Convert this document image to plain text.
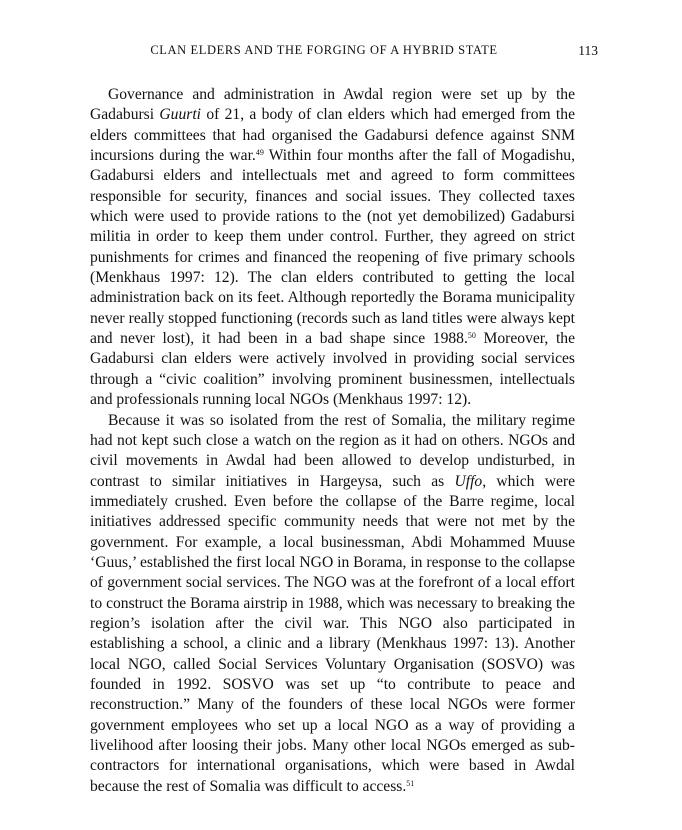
CLAN ELDERS AND THE FORGING OF A HYBRID STATE	113

Governance and administration in Awdal region were set up by the Gadabursi Guurti of 21, a body of clan elders which had emerged from the elders committees that had organised the Gadabursi defence against SNM incursions during the war.$^{49}$ Within four months after the fall of Mogadishu, Gadabursi elders and intellectuals met and agreed to form committees responsible for security, finances and social issues. They collected taxes which were used to provide rations to the (not yet demobilized) Gadabursi militia in order to keep them under control. Further, they agreed on strict punishments for crimes and financed the reopening of five primary schools (Menkhaus 1997: 12). The clan elders contributed to getting the local administration back on its feet. Although reportedly the Borama municipality never really stopped functioning (records such as land titles were always kept and never lost), it had been in a bad shape since 1988.50 Moreover, the Gadabursi clan elders were actively involved in providing social services through a “civic coalition” involving prominent businessmen, intellectuals and professionals running local NGOs (Menkhaus 1997: 12).

Because it was so isolated from the rest of Somalia, the military regime had not kept such close a watch on the region as it had on others. NGOs and civil movements in Awdal had been allowed to develop undisturbed, in contrast to similar initiatives in Hargeysa, such as Uffo, which were immediately crushed. Even before the collapse of the Barre regime, local initiatives addressed specific community needs that were not met by the government. For example, a local businessman, Abdi Mohammed Muuse ‘Guus,’ established the first local NGO in Borama, in response to the collapse of government social services. The NGO was at the forefront of a local effort to construct the Borama airstrip in 1988, which was necessary to breaking the region’s isolation after the civil war. This NGO also participated in establishing a school, a clinic and a library (Menkhaus 1997: 13). Another local NGO, called Social Services Voluntary Organisation (SOSVO) was founded in 1992. SOSVO was set up “to contribute to peace and reconstruction.” Many of the founders of these local NGOs were former government employees who set up a local NGO as a way of providing a livelihood after loosing their jobs. Many other local NGOs emerged as sub-contractors for international organisations, which were based in Awdal because the rest of Somalia was difficult to access.$^{51}$
